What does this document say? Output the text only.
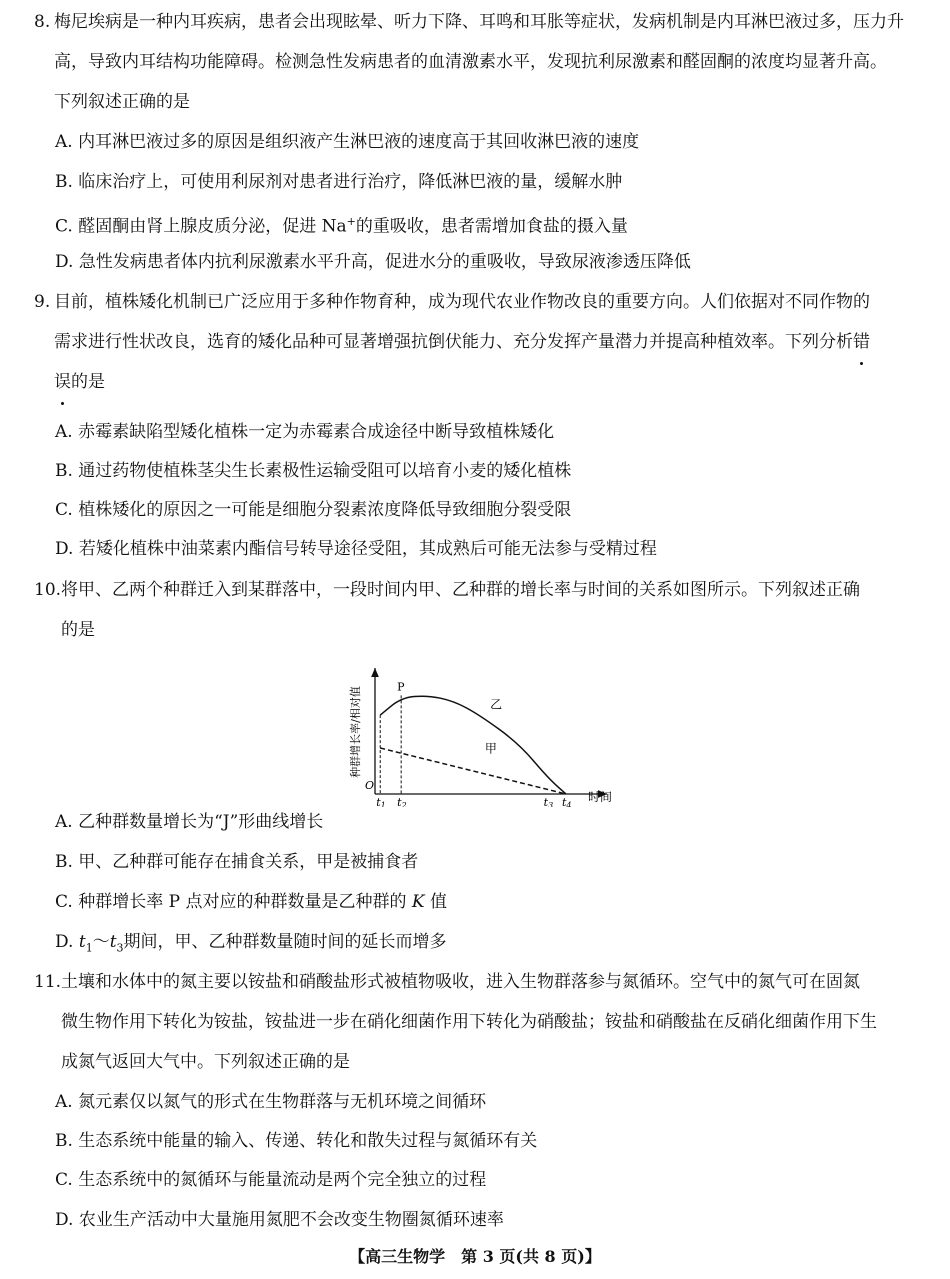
8. 梅尼埃病是一种内耳疾病，患者会出现眩晕、听力下降、耳鸣和耳胀等症状，发病机制是内耳淋巴液过多，压力升
高，导致内耳结构功能障碍。检测急性发病患者的血清激素水平，发现抗利尿激素和醛固酮的浓度均显著升高。
下列叙述正确的是
A. 内耳淋巴液过多的原因是组织液产生淋巴液的速度高于其回收淋巴液的速度
B. 临床治疗上，可使用利尿剂对患者进行治疗，降低淋巴液的量，缓解水肿
C. 醛固酮由肾上腺皮质分泌，促进 Na+的重吸收，患者需增加食盐的摄入量
D. 急性发病患者体内抗利尿激素水平升高，促进水分的重吸收，导致尿液渗透压降低
9. 目前，植株矮化机制已广泛应用于多种作物育种，成为现代农业作物改良的重要方向。人们依据对不同作物的
需求进行性状改良，选育的矮化品种可显著增强抗倒伏能力、充分发挥产量潜力并提高种植效率。下列分析错
误的是
A. 赤霉素缺陷型矮化植株一定为赤霉素合成途径中断导致植株矮化
B. 通过药物使植株茎尖生长素极性运输受阻可以培育小麦的矮化植株
C. 植株矮化的原因之一可能是细胞分裂素浓度降低导致细胞分裂受限
D. 若矮化植株中油菜素内酯信号转导途径受阻，其成熟后可能无法参与受精过程
10. 将甲、乙两个种群迁入到某群落中，一段时间内甲、乙种群的增长率与时间的关系如图所示。下列叙述正确
的是
种群增长率/相对值
时间
O
P
乙
甲
t1 t2	t3 t4
A. 乙种群数量增长为“J”形曲线增长
B. 甲、乙种群可能存在捕食关系，甲是被捕食者
C. 种群增长率 P 点对应的种群数量是乙种群的 K 值
D. $t_1\sim t_3$期间，甲、乙种群数量随时间的延长而增多
11. 土壤和水体中的氮主要以铵盐和硝酸盐形式被植物吸收，进入生物群落参与氮循环。空气中的氮气可在固氮
微生物作用下转化为铵盐，铵盐进一步在硝化细菌作用下转化为硝酸盐；铵盐和硝酸盐在反硝化细菌作用下生
成氮气返回大气中。下列叙述正确的是
A. 氮元素仅以氮气的形式在生物群落与无机环境之间循环
B. 生态系统中能量的输入、传递、转化和散失过程与氮循环有关
C. 生态系统中的氮循环与能量流动是两个完全独立的过程
D. 农业生产活动中大量施用氮肥不会改变生物圈氮循环速率
【高三生物学　第 3 页(共 8 页)】
